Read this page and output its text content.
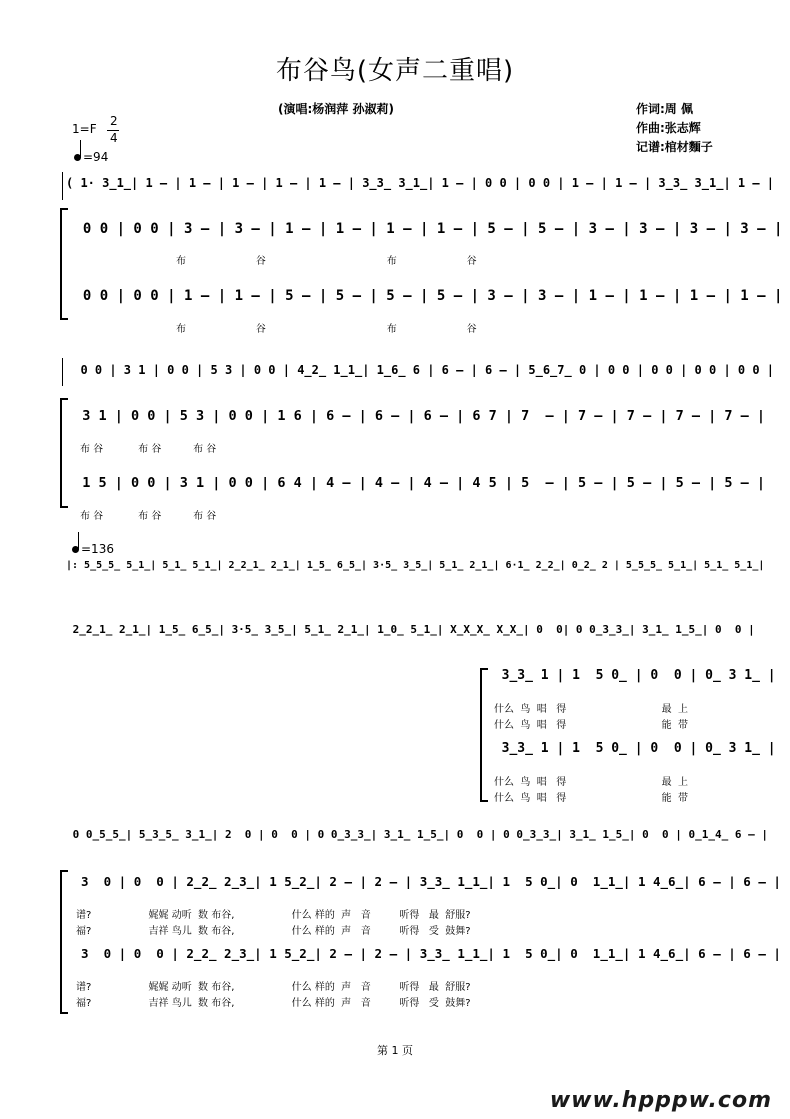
布谷鸟(女声二重唱)
(演唱:杨润萍 孙淑莉)	作词:周 佩
作曲:张志辉
记谱:棺材麵子
1=F
2
4
=94
( 1· 3̲1̲| 1 – | 1 – | 1 – | 1 – | 1 – | 3̲3̲ 3̲1̲| 1 – | 0 0 | 0 0 | 1 – | 1 – | 3̲3̲ 3̲1̲| 1 – |
0 0 | 0 0 | 3 – | 3 – | 1 – | 1 – | 1 – | 1 – | 5 – | 5 – | 3 – | 3 – | 3 – | 3 – |
布                      谷                                      布                      谷
0 0 | 0 0 | 1 – | 1 – | 5 – | 5 – | 5 – | 5 – | 3 – | 3 – | 1 – | 1 – | 1 – | 1 – |
布                      谷                                      布                      谷
0 0 | 3 1 | 0 0 | 5 3 | 0 0 | 4̲2̲ 1̲1̲| 1̲6̲ 6 | 6 – | 6 – | 5̲6̲7̲ 0 | 0 0 | 0 0 | 0 0 | 0 0 |
3 1 | 0 0 | 5 3 | 0 0 | 1 6 | 6 – | 6 – | 6 – | 6 7 | 7  – | 7 – | 7 – | 7 – | 7 – |
布 谷           布 谷          布 谷
1 5 | 0 0 | 3 1 | 0 0 | 6 4 | 4 – | 4 – | 4 – | 4 5 | 5  – | 5 – | 5 – | 5 – | 5 – |
布 谷           布 谷          布 谷
=136
|: 5̲5̲5̲ 5̲1̲| 5̲1̲ 5̲1̲| 2̲2̲1̲ 2̲1̲| 1̲5̲ 6̲5̲| 3·5̲ 3̲5̲| 5̲1̲ 2̲1̲| 6·1̲ 2̲2̲| 0̲2̲ 2 | 5̲5̲5̲ 5̲1̲| 5̲1̲ 5̲1̲|
2̲2̲1̲ 2̲1̲| 1̲5̲ 6̲5̲| 3·5̲ 3̲5̲| 5̲1̲ 2̲1̲| 1̲0̲ 5̲1̲| X̲X̲X̲ X̲X̲| 0  0| 0 0̲3̲3̲| 3̲1̲ 1̲5̲| 0  0 |
3̲3̲ 1 | 1  5 0̲ | 0  0 | 0̲ 3 1̲ |
什么  鸟  唱   得                              最  上
什么  鸟  唱   得                              能  带
3̲3̲ 1 | 1  5 0̲ | 0  0 | 0̲ 3 1̲ |
什么  鸟  唱   得                              最  上
什么  鸟  唱   得                              能  带
0 0̲5̲5̲| 5̲3̲5̲ 3̲1̲| 2  0 | 0  0 | 0 0̲3̲3̲| 3̲1̲ 1̲5̲| 0  0 | 0 0̲3̲3̲| 3̲1̲ 1̲5̲| 0  0 | 0̲1̲4̲ 6 – |
3  0 | 0  0 | 2̲2̲ 2̲3̲| 1 5̲2̲| 2 – | 2 – | 3̲3̲ 1̲1̲| 1  5 0̲| 0  1̲1̲| 1 4̲6̲| 6 – | 6 – |
谱?                  娓娓 动听  数 布谷,                  什么 样的  声   音         听得   最  舒服?
福?                  吉祥 鸟儿  数 布谷,                  什么 样的  声   音         听得   受  鼓舞?
3  0 | 0  0 | 2̲2̲ 2̲3̲| 1 5̲2̲| 2 – | 2 – | 3̲3̲ 1̲1̲| 1  5 0̲| 0  1̲1̲| 1 4̲6̲| 6 – | 6 – |
谱?                  娓娓 动听  数 布谷,                  什么 样的  声   音         听得   最  舒服?
福?                  吉祥 鸟儿  数 布谷,                  什么 样的  声   音         听得   受  鼓舞?
第 1 页
www.hpppw.com
